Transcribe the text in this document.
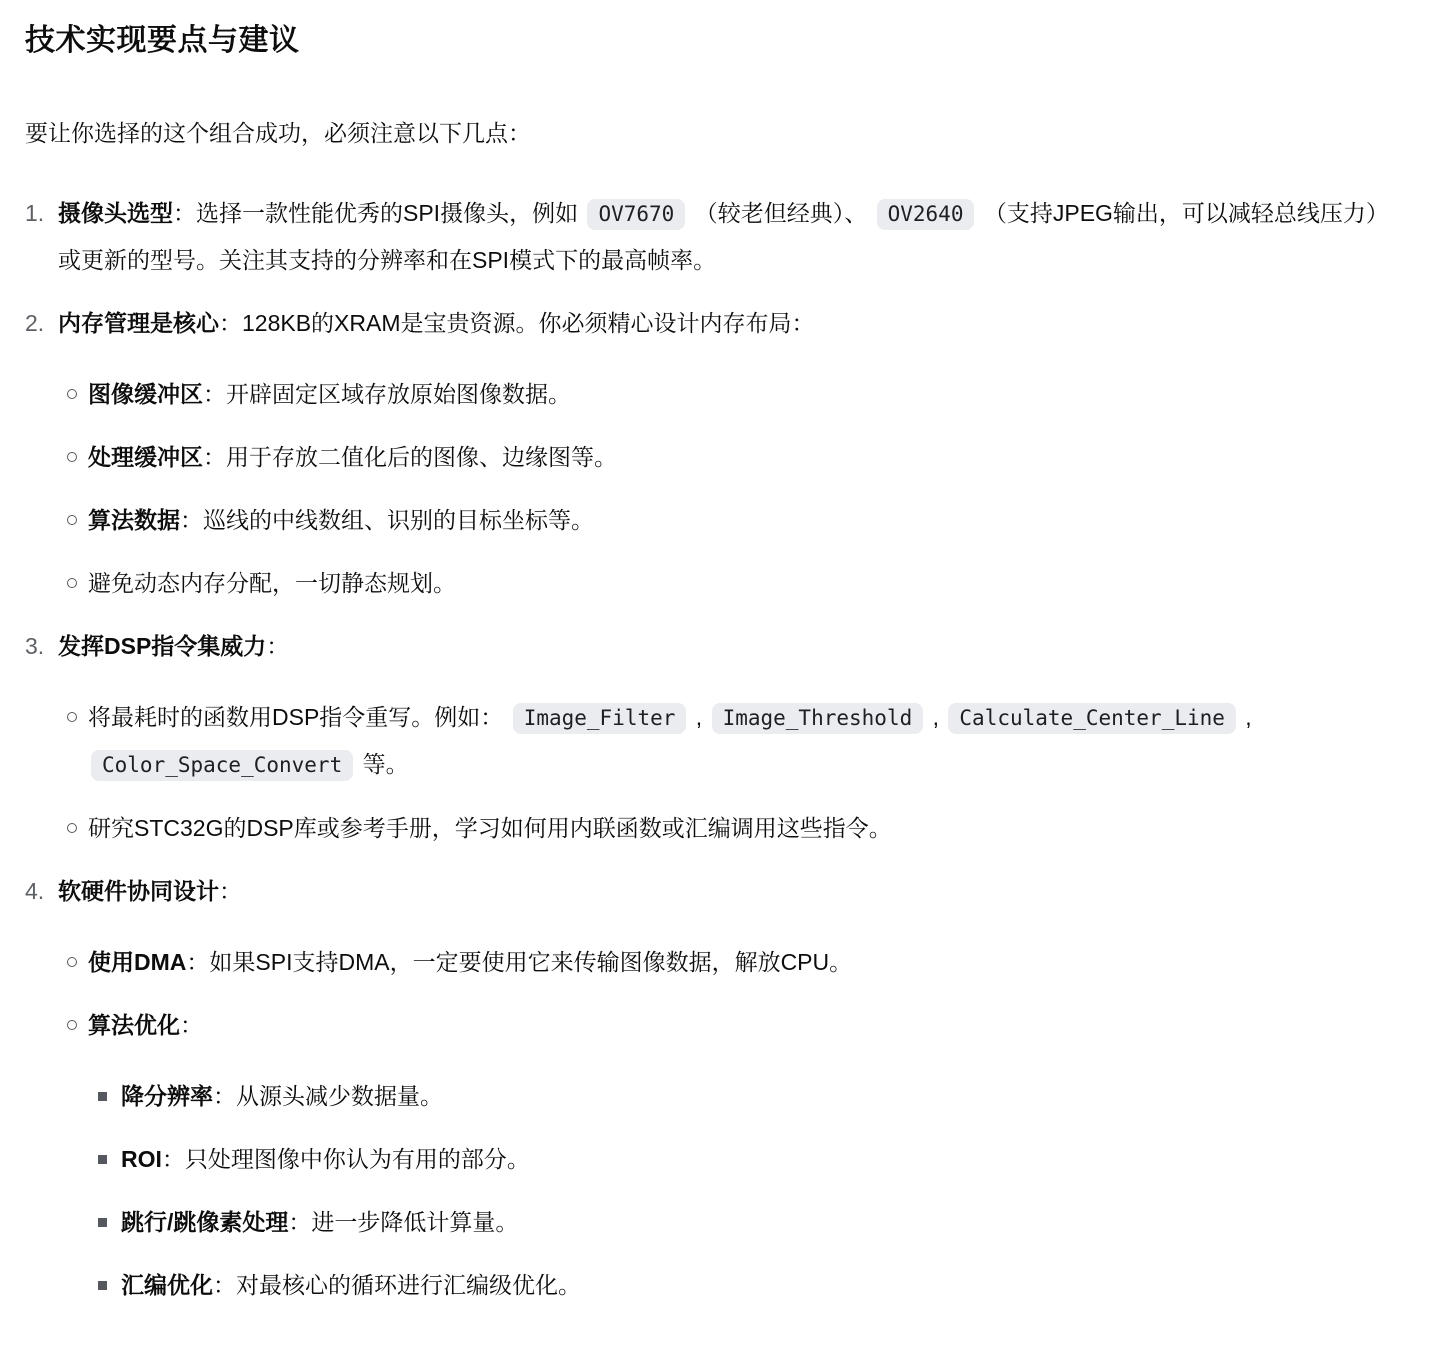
技术实现要点与建议

要让你选择的这个组合成功，必须注意以下几点：

1. 摄像头选型：选择一款性能优秀的SPI摄像头，例如 OV7670 （较老但经典）、 OV2640 （支持JPEG输出，可以减轻总线压力）或更新的型号。关注其支持的分辨率和在SPI模式下的最高帧率。
2. 内存管理是核心：128KB的XRAM是宝贵资源。你必须精心设计内存布局：
图像缓冲区：开辟固定区域存放原始图像数据。
处理缓冲区：用于存放二值化后的图像、边缘图等。
算法数据：巡线的中线数组、识别的目标坐标等。
避免动态内存分配，一切静态规划。
3. 发挥DSP指令集威力：
将最耗时的函数用DSP指令重写。例如： Image_Filter , Image_Threshold , Calculate_Center_Line , Color_Space_Convert 等。
研究STC32G的DSP库或参考手册，学习如何用内联函数或汇编调用这些指令。
4. 软硬件协同设计：
使用DMA：如果SPI支持DMA，一定要使用它来传输图像数据，解放CPU。
算法优化：
降分辨率：从源头减少数据量。
ROI：只处理图像中你认为有用的部分。
跳行/跳像素处理：进一步降低计算量。
汇编优化：对最核心的循环进行汇编级优化。
